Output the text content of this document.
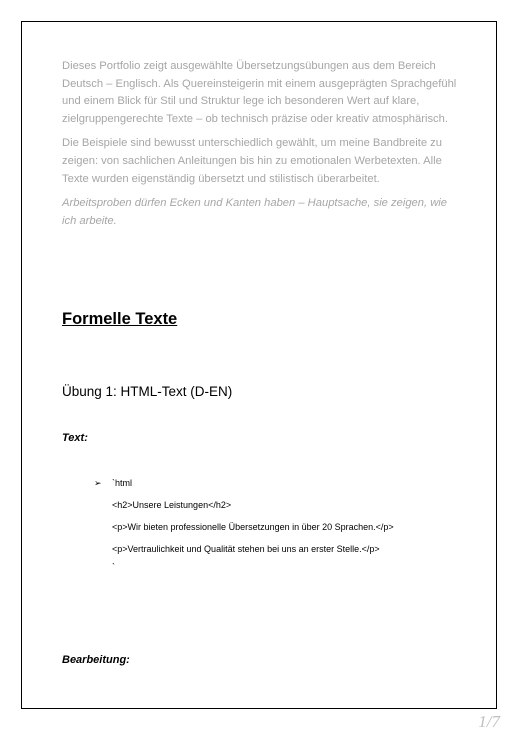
Dieses Portfolio zeigt ausgewählte Übersetzungsübungen aus dem Bereich Deutsch – Englisch. Als Quereinsteigerin mit einem ausgeprägten Sprachgefühl und einem Blick für Stil und Struktur lege ich besonderen Wert auf klare, zielgruppengerechte Texte – ob technisch präzise oder kreativ atmosphärisch.

Die Beispiele sind bewusst unterschiedlich gewählt, um meine Bandbreite zu zeigen: von sachlichen Anleitungen bis hin zu emotionalen Werbetexten. Alle Texte wurden eigenständig übersetzt und stilistisch überarbeitet.

Arbeitsproben dürfen Ecken und Kanten haben – Hauptsache, sie zeigen, wie ich arbeite.

Formelle Texte
Übung 1: HTML-Text (D-EN)
Text:
➢ `html
<h2>Unsere Leistungen</h2>
<p>Wir bieten professionelle Übersetzungen in über 20 Sprachen.</p>
<p>Vertraulichkeit und Qualität stehen bei uns an erster Stelle.</p>
`
Bearbeitung:
1/7
